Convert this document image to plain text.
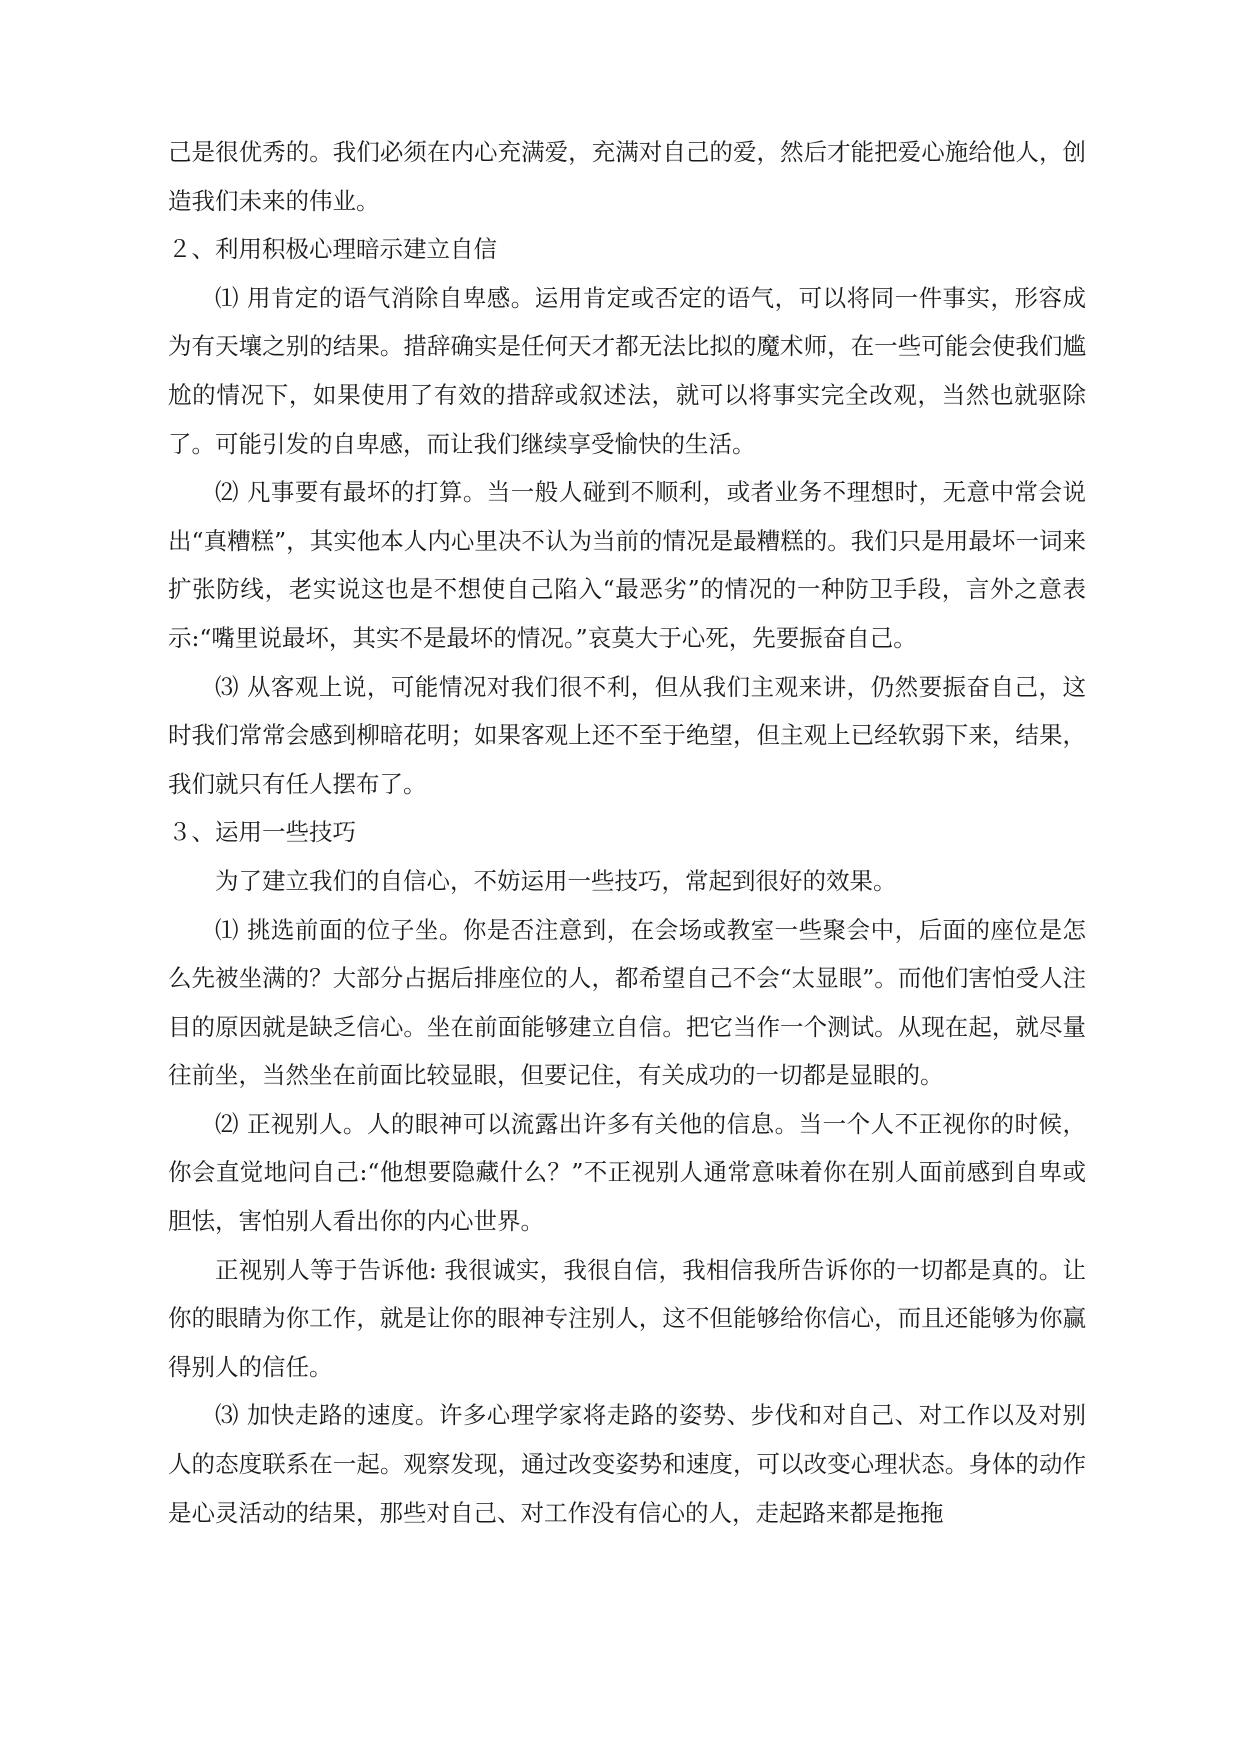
己是很优秀的。我们必须在内心充满爱，充满对自己的爱，然后才能把爱心施给他人，创造我们未来的伟业。

２、利用积极心理暗示建立自信

⑴ 用肯定的语气消除自卑感。运用肯定或否定的语气，可以将同一件事实，形容成为有天壤之别的结果。措辞确实是任何天才都无法比拟的魔术师，在一些可能会使我们尴尬的情况下，如果使用了有效的措辞或叙述法，就可以将事实完全改观，当然也就驱除了。可能引发的自卑感，而让我们继续享受愉快的生活。

⑵ 凡事要有最坏的打算。当一般人碰到不顺利，或者业务不理想时，无意中常会说出“真糟糕”，其实他本人内心里决不认为当前的情况是最糟糕的。我们只是用最坏一词来扩张防线，老实说这也是不想使自己陷入“最恶劣”的情况的一种防卫手段，言外之意表示:“嘴里说最坏，其实不是最坏的情况。”哀莫大于心死，先要振奋自己。

⑶ 从客观上说，可能情况对我们很不利，但从我们主观来讲，仍然要振奋自己，这时我们常常会感到柳暗花明；如果客观上还不至于绝望，但主观上已经软弱下来，结果，我们就只有任人摆布了。

３、运用一些技巧

为了建立我们的自信心，不妨运用一些技巧，常起到很好的效果。

⑴ 挑选前面的位子坐。你是否注意到，在会场或教室一些聚会中，后面的座位是怎么先被坐满的？大部分占据后排座位的人，都希望自己不会“太显眼”。而他们害怕受人注目的原因就是缺乏信心。坐在前面能够建立自信。把它当作一个测试。从现在起，就尽量往前坐，当然坐在前面比较显眼，但要记住，有关成功的一切都是显眼的。

⑵ 正视别人。人的眼神可以流露出许多有关他的信息。当一个人不正视你的时候，你会直觉地问自己:“他想要隐藏什么？”不正视别人通常意味着你在别人面前感到自卑或胆怯，害怕别人看出你的内心世界。

正视别人等于告诉他: 我很诚实，我很自信，我相信我所告诉你的一切都是真的。让你的眼睛为你工作，就是让你的眼神专注别人，这不但能够给你信心，而且还能够为你赢得别人的信任。

⑶ 加快走路的速度。许多心理学家将走路的姿势、步伐和对自己、对工作以及对别人的态度联系在一起。观察发现，通过改变姿势和速度，可以改变心理状态。身体的动作是心灵活动的结果，那些对自己、对工作没有信心的人，走起路来都是拖拖
